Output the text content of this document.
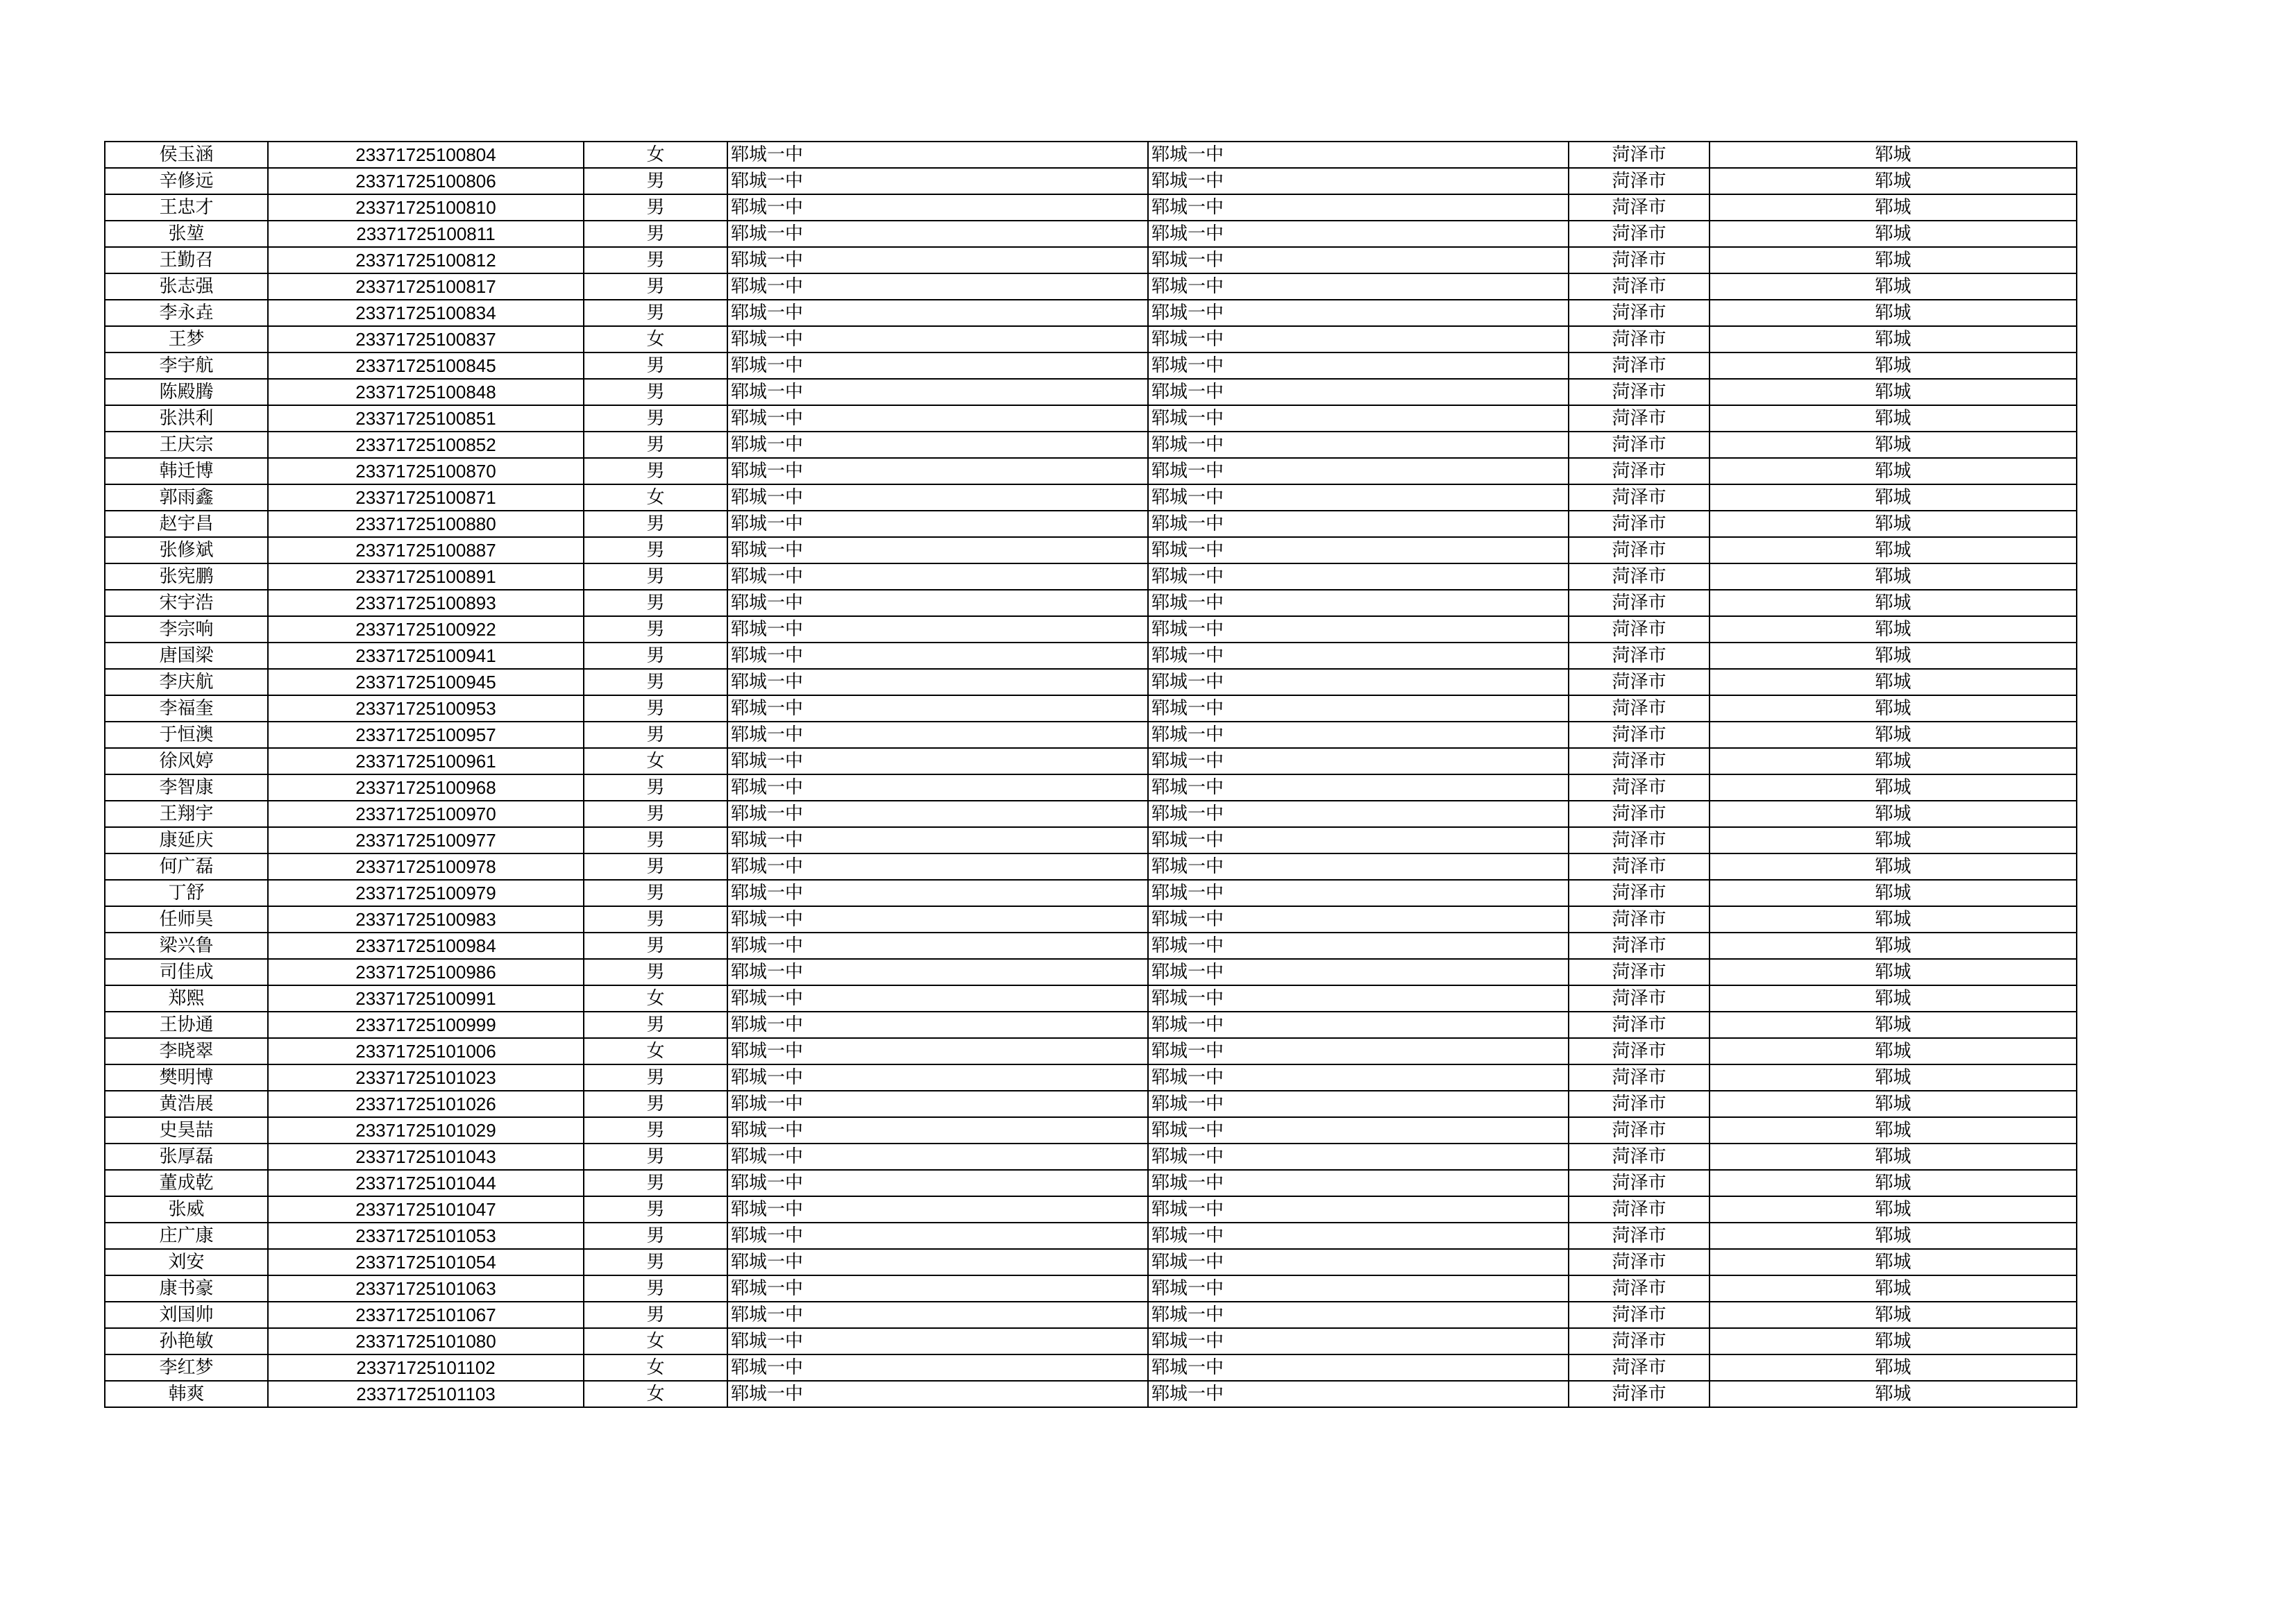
侯玉涵	23371725100804	女	郓城一中	郓城一中	菏泽市	郓城
辛修远	23371725100806	男	郓城一中	郓城一中	菏泽市	郓城
王忠才	23371725100810	男	郓城一中	郓城一中	菏泽市	郓城
张堃	23371725100811	男	郓城一中	郓城一中	菏泽市	郓城
王勤召	23371725100812	男	郓城一中	郓城一中	菏泽市	郓城
张志强	23371725100817	男	郓城一中	郓城一中	菏泽市	郓城
李永垚	23371725100834	男	郓城一中	郓城一中	菏泽市	郓城
王梦	23371725100837	女	郓城一中	郓城一中	菏泽市	郓城
李宇航	23371725100845	男	郓城一中	郓城一中	菏泽市	郓城
陈殿腾	23371725100848	男	郓城一中	郓城一中	菏泽市	郓城
张洪利	23371725100851	男	郓城一中	郓城一中	菏泽市	郓城
王庆宗	23371725100852	男	郓城一中	郓城一中	菏泽市	郓城
韩迁博	23371725100870	男	郓城一中	郓城一中	菏泽市	郓城
郭雨鑫	23371725100871	女	郓城一中	郓城一中	菏泽市	郓城
赵宇昌	23371725100880	男	郓城一中	郓城一中	菏泽市	郓城
张修斌	23371725100887	男	郓城一中	郓城一中	菏泽市	郓城
张宪鹏	23371725100891	男	郓城一中	郓城一中	菏泽市	郓城
宋宇浩	23371725100893	男	郓城一中	郓城一中	菏泽市	郓城
李宗响	23371725100922	男	郓城一中	郓城一中	菏泽市	郓城
唐国梁	23371725100941	男	郓城一中	郓城一中	菏泽市	郓城
李庆航	23371725100945	男	郓城一中	郓城一中	菏泽市	郓城
李福奎	23371725100953	男	郓城一中	郓城一中	菏泽市	郓城
于恒澳	23371725100957	男	郓城一中	郓城一中	菏泽市	郓城
徐风婷	23371725100961	女	郓城一中	郓城一中	菏泽市	郓城
李智康	23371725100968	男	郓城一中	郓城一中	菏泽市	郓城
王翔宇	23371725100970	男	郓城一中	郓城一中	菏泽市	郓城
康延庆	23371725100977	男	郓城一中	郓城一中	菏泽市	郓城
何广磊	23371725100978	男	郓城一中	郓城一中	菏泽市	郓城
丁舒	23371725100979	男	郓城一中	郓城一中	菏泽市	郓城
任师昊	23371725100983	男	郓城一中	郓城一中	菏泽市	郓城
梁兴鲁	23371725100984	男	郓城一中	郓城一中	菏泽市	郓城
司佳成	23371725100986	男	郓城一中	郓城一中	菏泽市	郓城
郑熙	23371725100991	女	郓城一中	郓城一中	菏泽市	郓城
王协通	23371725100999	男	郓城一中	郓城一中	菏泽市	郓城
李晓翠	23371725101006	女	郓城一中	郓城一中	菏泽市	郓城
樊明博	23371725101023	男	郓城一中	郓城一中	菏泽市	郓城
黄浩展	23371725101026	男	郓城一中	郓城一中	菏泽市	郓城
史昊喆	23371725101029	男	郓城一中	郓城一中	菏泽市	郓城
张厚磊	23371725101043	男	郓城一中	郓城一中	菏泽市	郓城
董成乾	23371725101044	男	郓城一中	郓城一中	菏泽市	郓城
张威	23371725101047	男	郓城一中	郓城一中	菏泽市	郓城
庄广康	23371725101053	男	郓城一中	郓城一中	菏泽市	郓城
刘安	23371725101054	男	郓城一中	郓城一中	菏泽市	郓城
康书豪	23371725101063	男	郓城一中	郓城一中	菏泽市	郓城
刘国帅	23371725101067	男	郓城一中	郓城一中	菏泽市	郓城
孙艳敏	23371725101080	女	郓城一中	郓城一中	菏泽市	郓城
李红梦	23371725101102	女	郓城一中	郓城一中	菏泽市	郓城
韩爽	23371725101103	女	郓城一中	郓城一中	菏泽市	郓城
